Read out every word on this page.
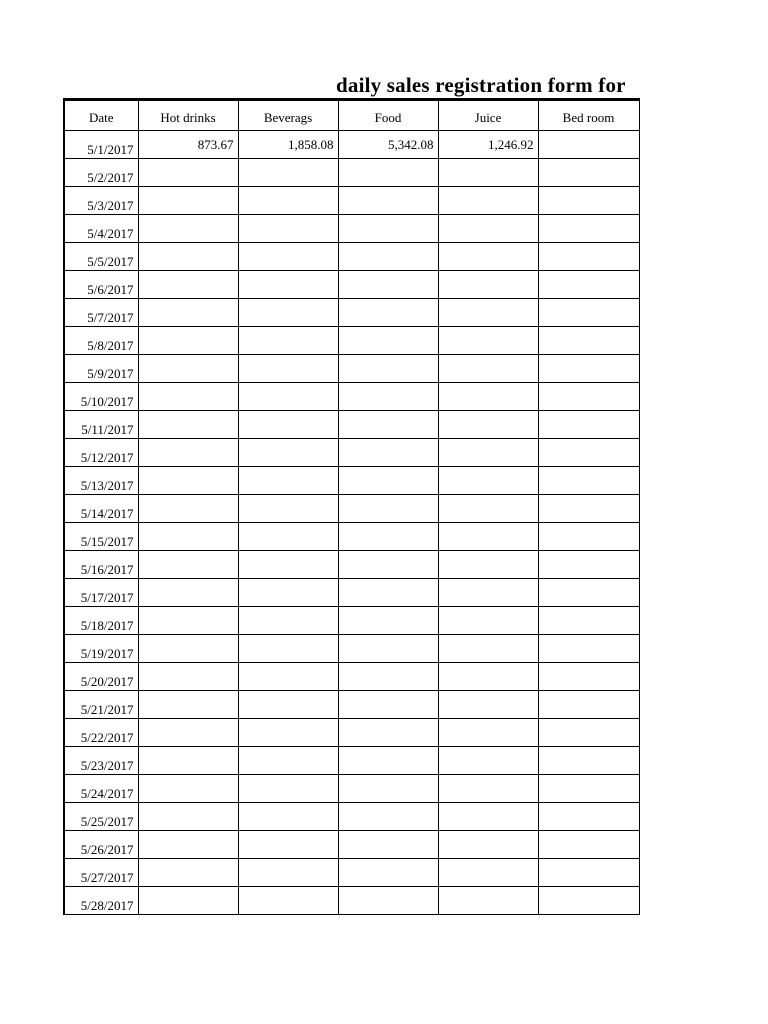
daily sales registration form for
Date	Hot drinks	Beverags	Food	Juice	Bed room
5/1/2017	873.67	1,858.08	5,342.08	1,246.92	
5/2/2017					
5/3/2017					
5/4/2017					
5/5/2017					
5/6/2017					
5/7/2017					
5/8/2017					
5/9/2017					
5/10/2017					
5/11/2017					
5/12/2017					
5/13/2017					
5/14/2017					
5/15/2017					
5/16/2017					
5/17/2017					
5/18/2017					
5/19/2017					
5/20/2017					
5/21/2017					
5/22/2017					
5/23/2017					
5/24/2017					
5/25/2017					
5/26/2017					
5/27/2017					
5/28/2017					
